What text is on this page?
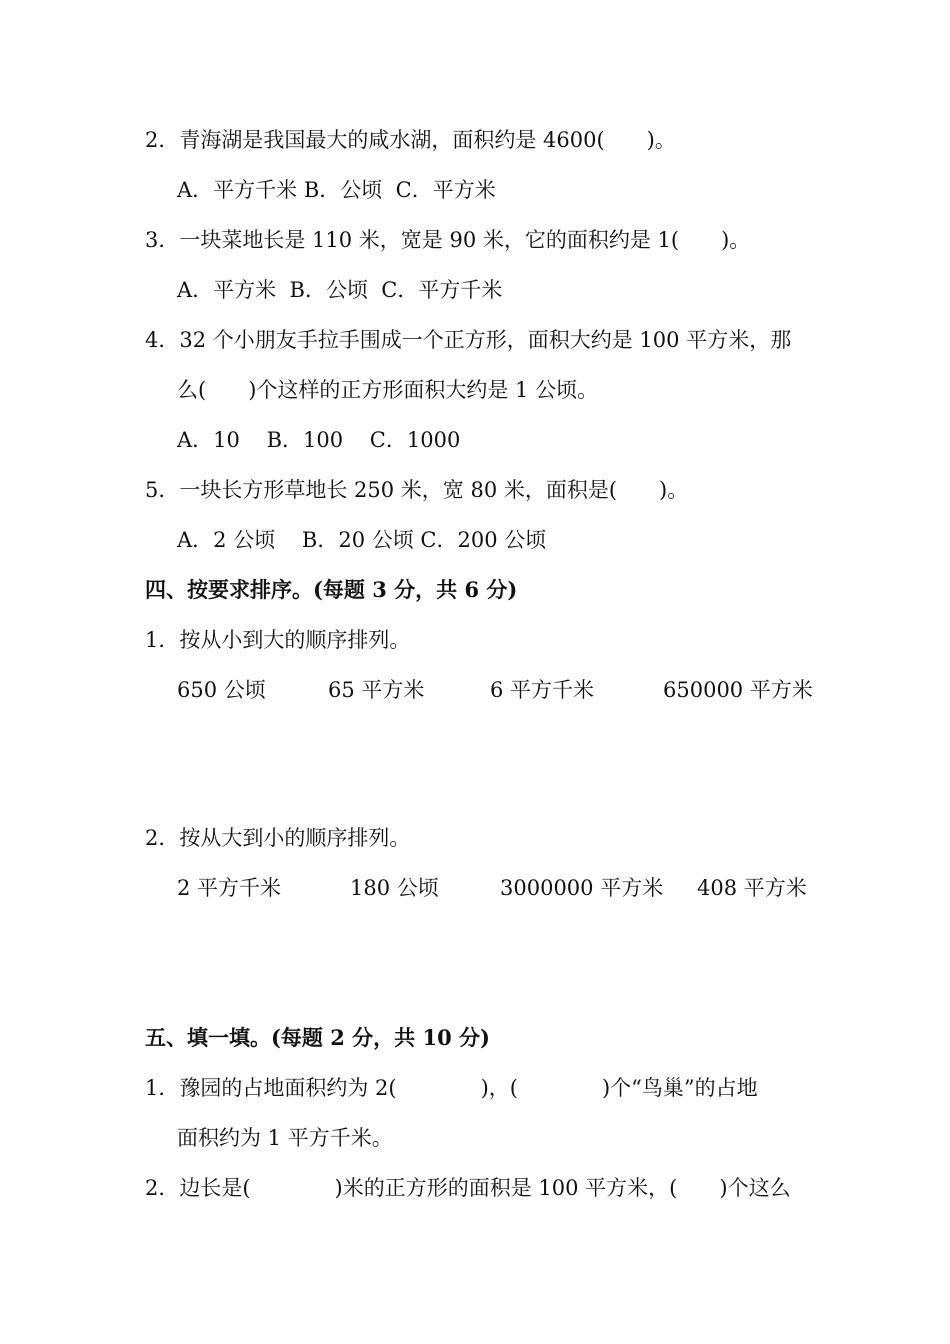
2．青海湖是我国最大的咸水湖，面积约是 4600(　　)。
A．平方千米 B．公顷  C．平方米
3．一块菜地长是 110 米，宽是 90 米，它的面积约是 1(　　)。
A．平方米  B．公顷  C．平方千米
4．32 个小朋友手拉手围成一个正方形，面积大约是 100 平方米，那
么(　　)个这样的正方形面积大约是 1 公顷。
A．10    B．100    C．1000
5．一块长方形草地长 250 米，宽 80 米，面积是(　　)。
A．2 公顷    B．20 公顷 C．200 公顷
四、按要求排序。(每题 3 分，共 6 分)
1．按从小到大的顺序排列。
650 公顷	65 平方米	6 平方千米	650000 平方米
2．按从大到小的顺序排列。
2 平方千米	180 公顷	3000000 平方米 408 平方米
五、填一填。(每题 2 分，共 10 分)
1．豫园的占地面积约为 2(　　　　)，(　　　　)个“鸟巢”的占地
面积约为 1 平方千米。
2．边长是(　　　　)米的正方形的面积是 100 平方米，(　　)个这么
